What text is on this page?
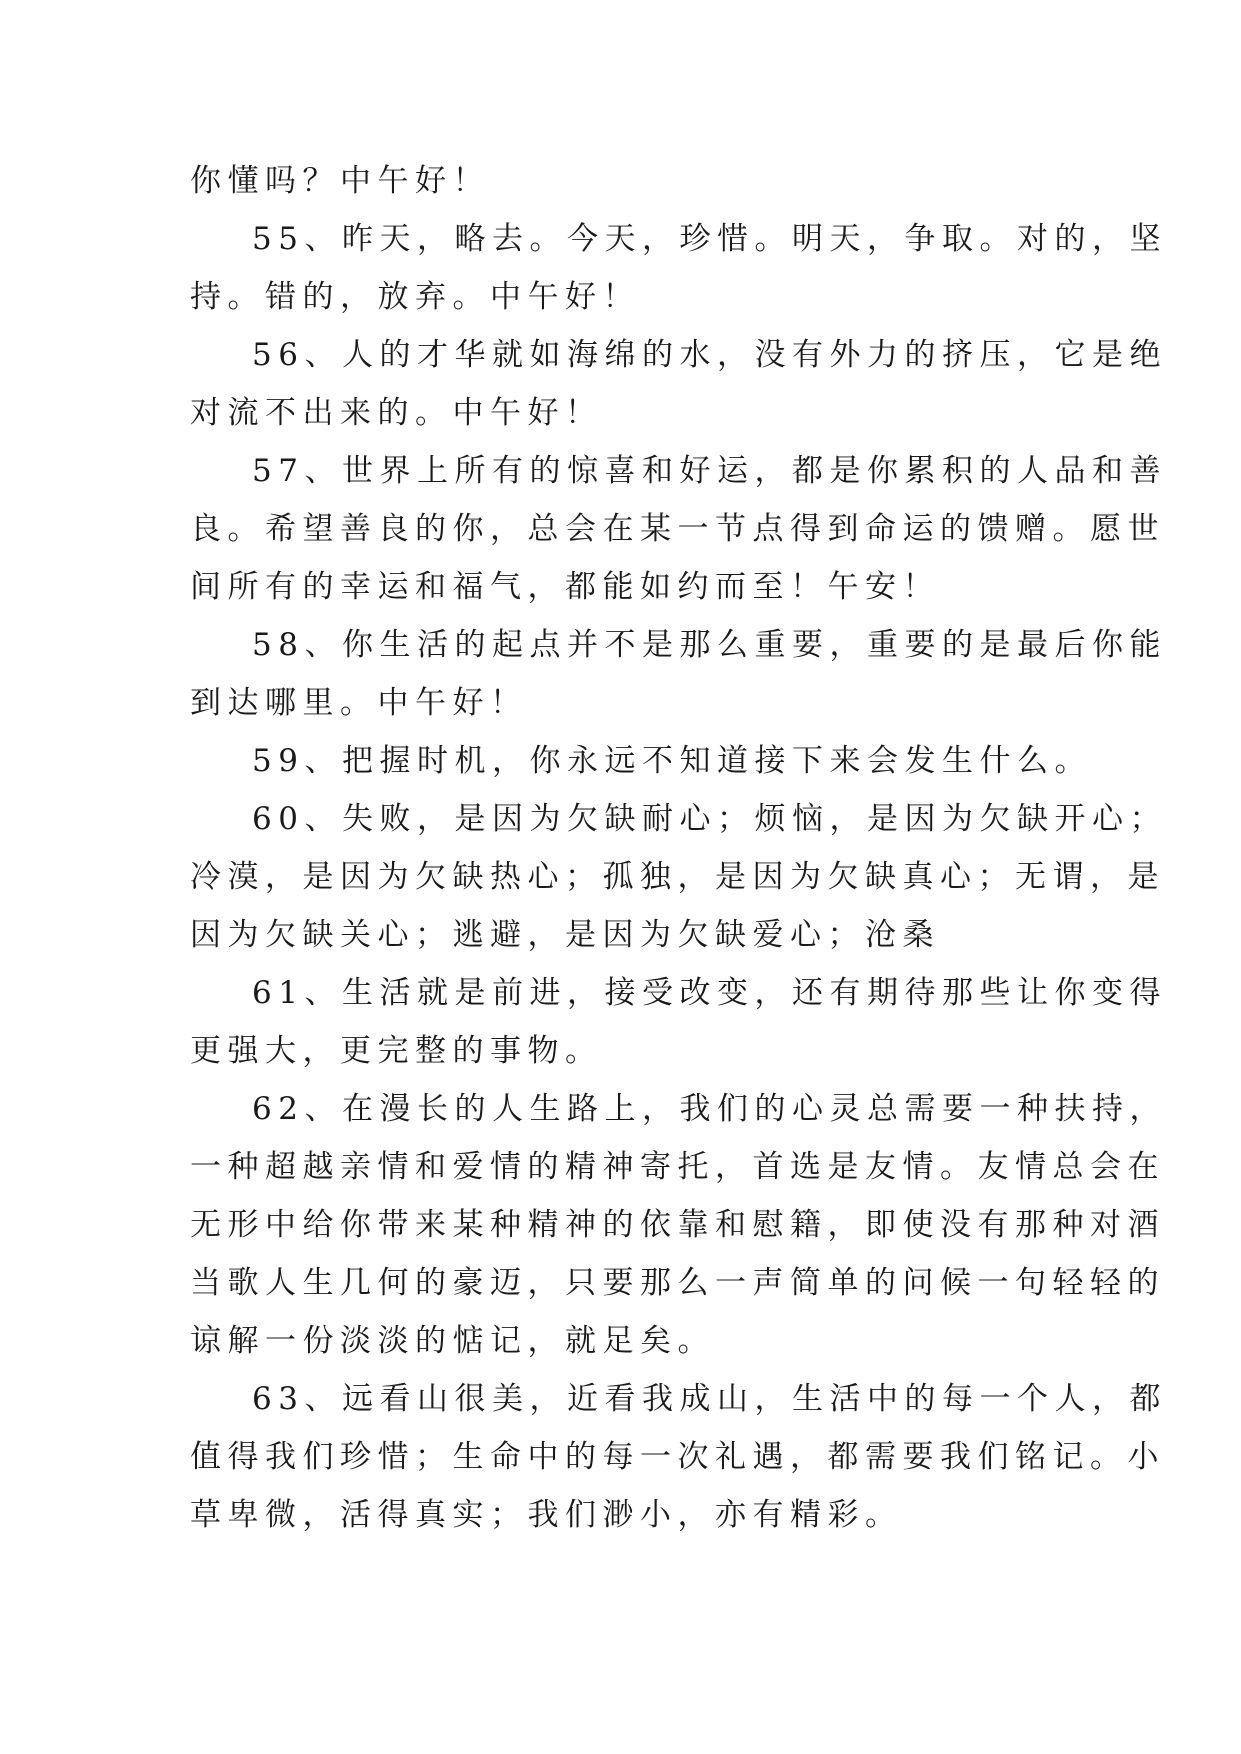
你懂吗？中午好！
55、昨天，略去。今天，珍惜。明天，争取。对的，坚
持。错的，放弃。中午好！
56、人的才华就如海绵的水，没有外力的挤压，它是绝
对流不出来的。中午好！
57、世界上所有的惊喜和好运，都是你累积的人品和善
良。希望善良的你，总会在某一节点得到命运的馈赠。愿世
间所有的幸运和福气，都能如约而至！午安！
58、你生活的起点并不是那么重要，重要的是最后你能
到达哪里。中午好！
59、把握时机，你永远不知道接下来会发生什么。
60、失败，是因为欠缺耐心；烦恼，是因为欠缺开心；
冷漠，是因为欠缺热心；孤独，是因为欠缺真心；无谓，是
因为欠缺关心；逃避，是因为欠缺爱心；沧桑
61、生活就是前进，接受改变，还有期待那些让你变得
更强大，更完整的事物。
62、在漫长的人生路上，我们的心灵总需要一种扶持，
一种超越亲情和爱情的精神寄托，首选是友情。友情总会在
无形中给你带来某种精神的依靠和慰籍，即使没有那种对酒
当歌人生几何的豪迈，只要那么一声简单的问候一句轻轻的
谅解一份淡淡的惦记，就足矣。
63、远看山很美，近看我成山，生活中的每一个人，都
值得我们珍惜；生命中的每一次礼遇，都需要我们铭记。小
草卑微，活得真实；我们渺小，亦有精彩。
